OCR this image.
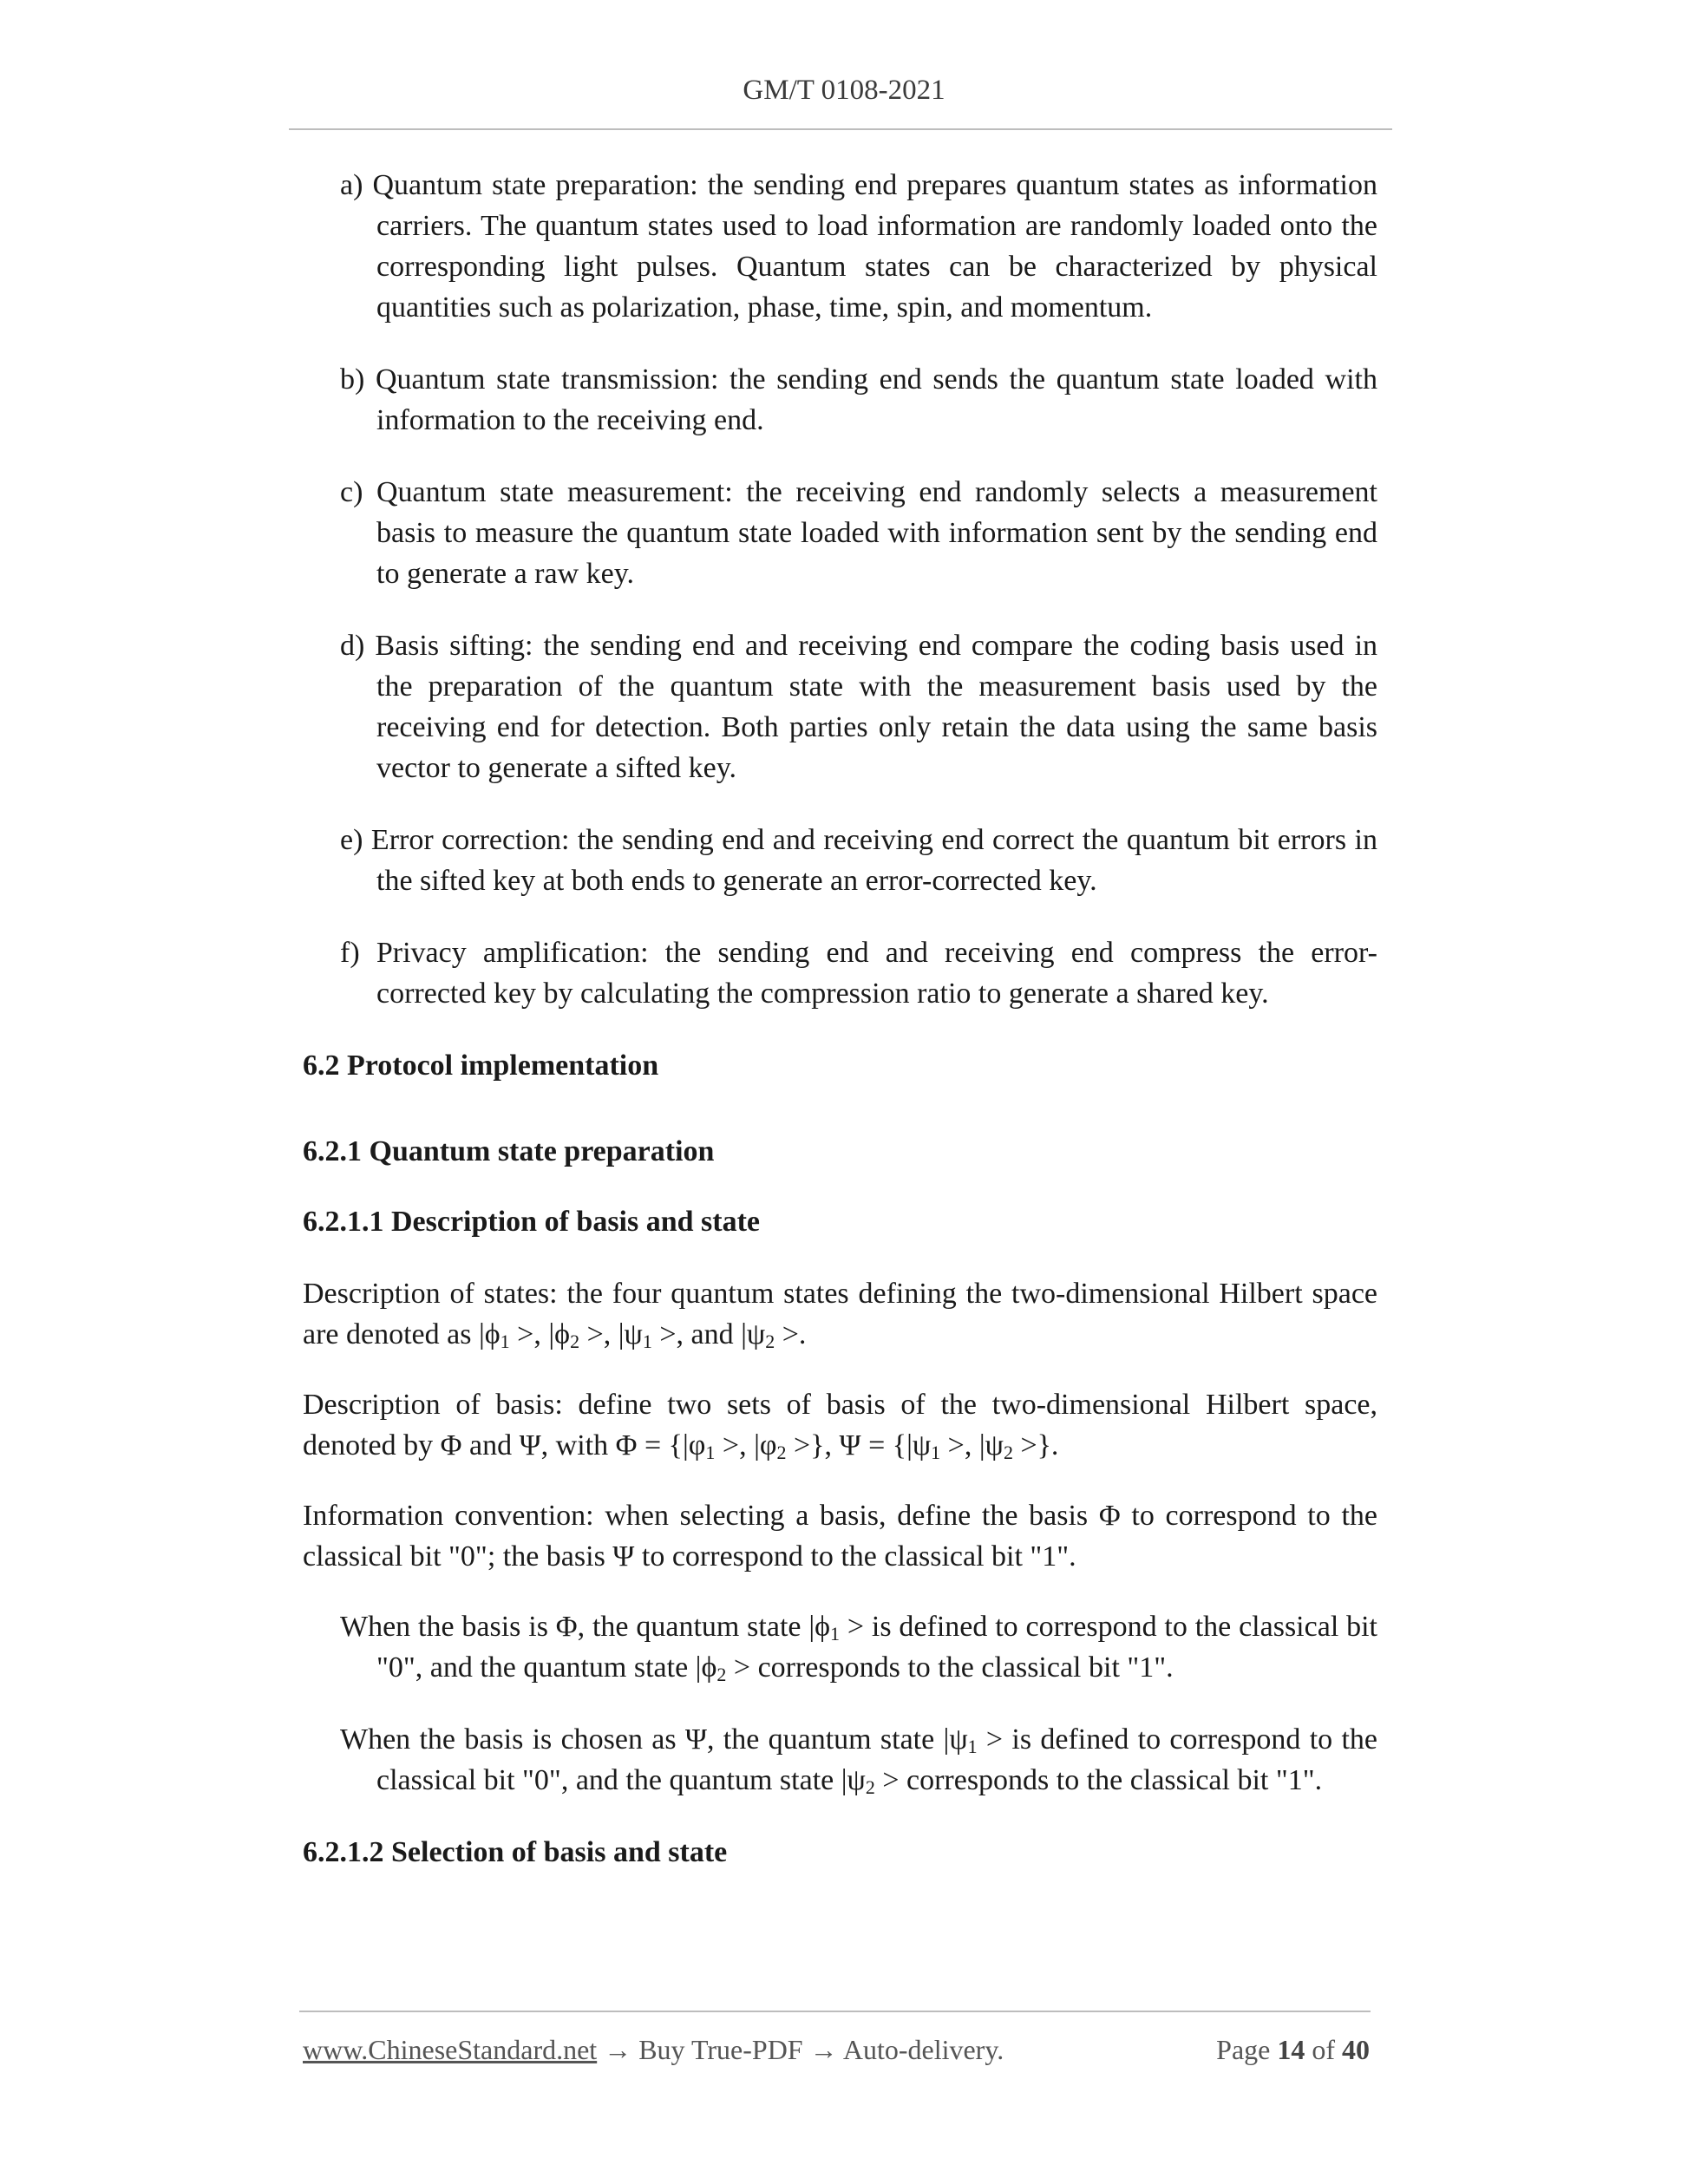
GM/T 0108-2021
a) Quantum state preparation: the sending end prepares quantum states as information carriers. The quantum states used to load information are randomly loaded onto the corresponding light pulses. Quantum states can be characterized by physical quantities such as polarization, phase, time, spin, and momentum.
b) Quantum state transmission: the sending end sends the quantum state loaded with information to the receiving end.
c) Quantum state measurement: the receiving end randomly selects a measurement basis to measure the quantum state loaded with information sent by the sending end to generate a raw key.
d) Basis sifting: the sending end and receiving end compare the coding basis used in the preparation of the quantum state with the measurement basis used by the receiving end for detection. Both parties only retain the data using the same basis vector to generate a sifted key.
e) Error correction: the sending end and receiving end correct the quantum bit errors in the sifted key at both ends to generate an error-corrected key.
f) Privacy amplification: the sending end and receiving end compress the error-corrected key by calculating the compression ratio to generate a shared key.
6.2 Protocol implementation
6.2.1 Quantum state preparation
6.2.1.1 Description of basis and state
Description of states: the four quantum states defining the two-dimensional Hilbert space are denoted as $|\phi_1$ >, $|\phi_2$ >, $|\psi_1$ >, and $|\psi_2$ >.
Description of basis: define two sets of basis of the two-dimensional Hilbert space, denoted by Φ and Ψ, with $\Phi = \{|\varphi_1$ >, $|\varphi_2$ >}, $\Psi = \{|\psi_1$ >, $|\psi_2$ >}.
Information convention: when selecting a basis, define the basis Φ to correspond to the classical bit "0"; the basis Ψ to correspond to the classical bit "1".
When the basis is Φ, the quantum state $|\phi_1$ > is defined to correspond to the classical bit "0", and the quantum state $|\phi_2$ > corresponds to the classical bit "1".
When the basis is chosen as Ψ, the quantum state $|\psi_1$ > is defined to correspond to the classical bit "0", and the quantum state $|\psi_2$ > corresponds to the classical bit "1".
6.2.1.2 Selection of basis and state
www.ChineseStandard.net → Buy True-PDF → Auto-delivery.	Page 14 of 40
